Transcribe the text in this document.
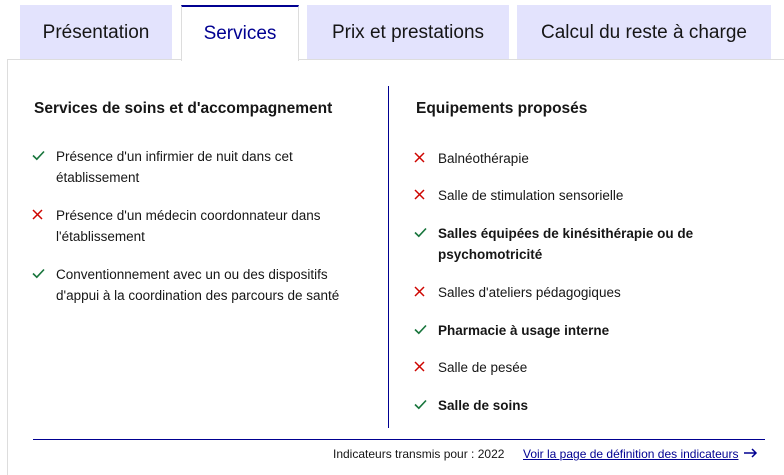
Présentation	Services	Prix et prestations	Calcul du reste à charge
Services de soins et d'accompagnement
Présence d'un infirmier de nuit dans cet
établissement
Présence d'un médecin coordonnateur dans
l'établissement
Conventionnement avec un ou des dispositifs
d'appui à la coordination des parcours de santé
Equipements proposés
Balnéothérapie
Salle de stimulation sensorielle
Salles équipées de kinésithérapie ou de
psychomotricité
Salles d'ateliers pédagogiques
Pharmacie à usage interne
Salle de pesée
Salle de soins
Indicateurs transmis pour : 2022 Voir la page de définition des indicateurs
